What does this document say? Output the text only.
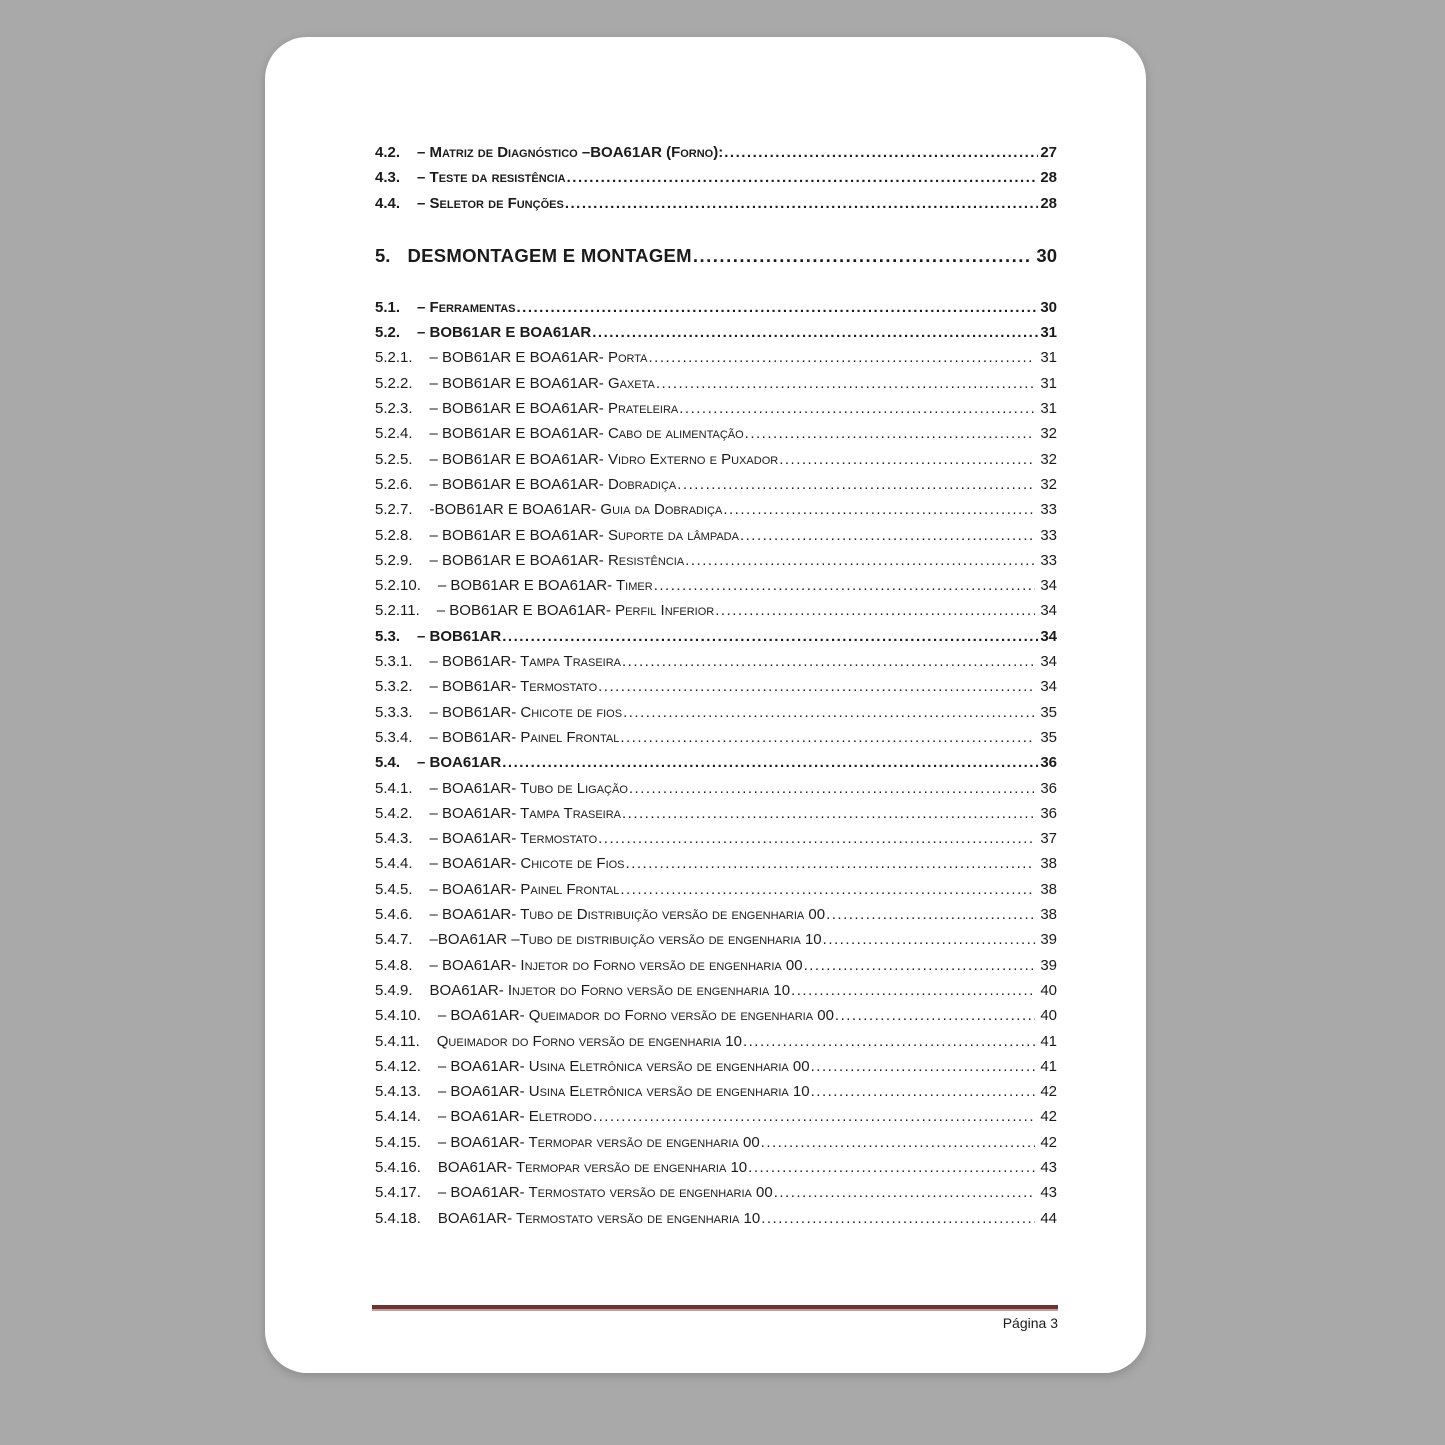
4.2. – Matriz de Diagnóstico –BOA61AR (Forno): .....	27
4.3. – Teste da resistência .....	28
4.4. – Seletor de Funções .....	28
5. DESMONTAGEM E MONTAGEM .....	30
5.1. – Ferramentas .....	30
5.2. – BOB61AR E BOA61AR .....	31
5.2.1. – BOB61AR E BOA61AR- Porta .....	31
5.2.2. – BOB61AR E BOA61AR- Gaxeta .....	31
5.2.3. – BOB61AR E BOA61AR- Prateleira .....	31
5.2.4. – BOB61AR E BOA61AR- Cabo de alimentação .....	32
5.2.5. – BOB61AR E BOA61AR- Vidro Externo e Puxador .....	32
5.2.6. – BOB61AR E BOA61AR- Dobradiça .....	32
5.2.7. -BOB61AR E BOA61AR- Guia da Dobradiça .....	33
5.2.8. – BOB61AR E BOA61AR- Suporte da lâmpada .....	33
5.2.9. – BOB61AR E BOA61AR- Resistência .....	33
5.2.10. – BOB61AR E BOA61AR- Timer .....	34
5.2.11. – BOB61AR E BOA61AR- Perfil Inferior .....	34
5.3. – BOB61AR .....	34
5.3.1. – BOB61AR- Tampa Traseira .....	34
5.3.2. – BOB61AR- Termostato .....	34
5.3.3. – BOB61AR- Chicote de fios .....	35
5.3.4. – BOB61AR- Painel Frontal .....	35
5.4. – BOA61AR .....	36
5.4.1. – BOA61AR- Tubo de Ligação .....	36
5.4.2. – BOA61AR- Tampa Traseira .....	36
5.4.3. – BOA61AR- Termostato .....	37
5.4.4. – BOA61AR- Chicote de Fios .....	38
5.4.5. – BOA61AR- Painel Frontal .....	38
5.4.6. – BOA61AR- Tubo de Distribuição versão de engenharia 00 .....	38
5.4.7. –BOA61AR –Tubo de distribuição versão de engenharia 10 .....	39
5.4.8. – BOA61AR- Injetor do Forno versão de engenharia 00 .....	39
5.4.9. BOA61AR- Injetor do Forno versão de engenharia 10 .....	40
5.4.10. – BOA61AR- Queimador do Forno versão de engenharia 00 .....	40
5.4.11. Queimador do Forno versão de engenharia 10 .....	41
5.4.12. – BOA61AR- Usina Eletrônica versão de engenharia 00 .....	41
5.4.13. – BOA61AR- Usina Eletrônica versão de engenharia 10 .....	42
5.4.14. – BOA61AR- Eletrodo .....	42
5.4.15. – BOA61AR- Termopar versão de engenharia 00 .....	42
5.4.16. BOA61AR- Termopar versão de engenharia 10 .....	43
5.4.17. – BOA61AR- Termostato versão de engenharia 00 .....	43
5.4.18. BOA61AR- Termostato versão de engenharia 10 .....	44
Página 3
